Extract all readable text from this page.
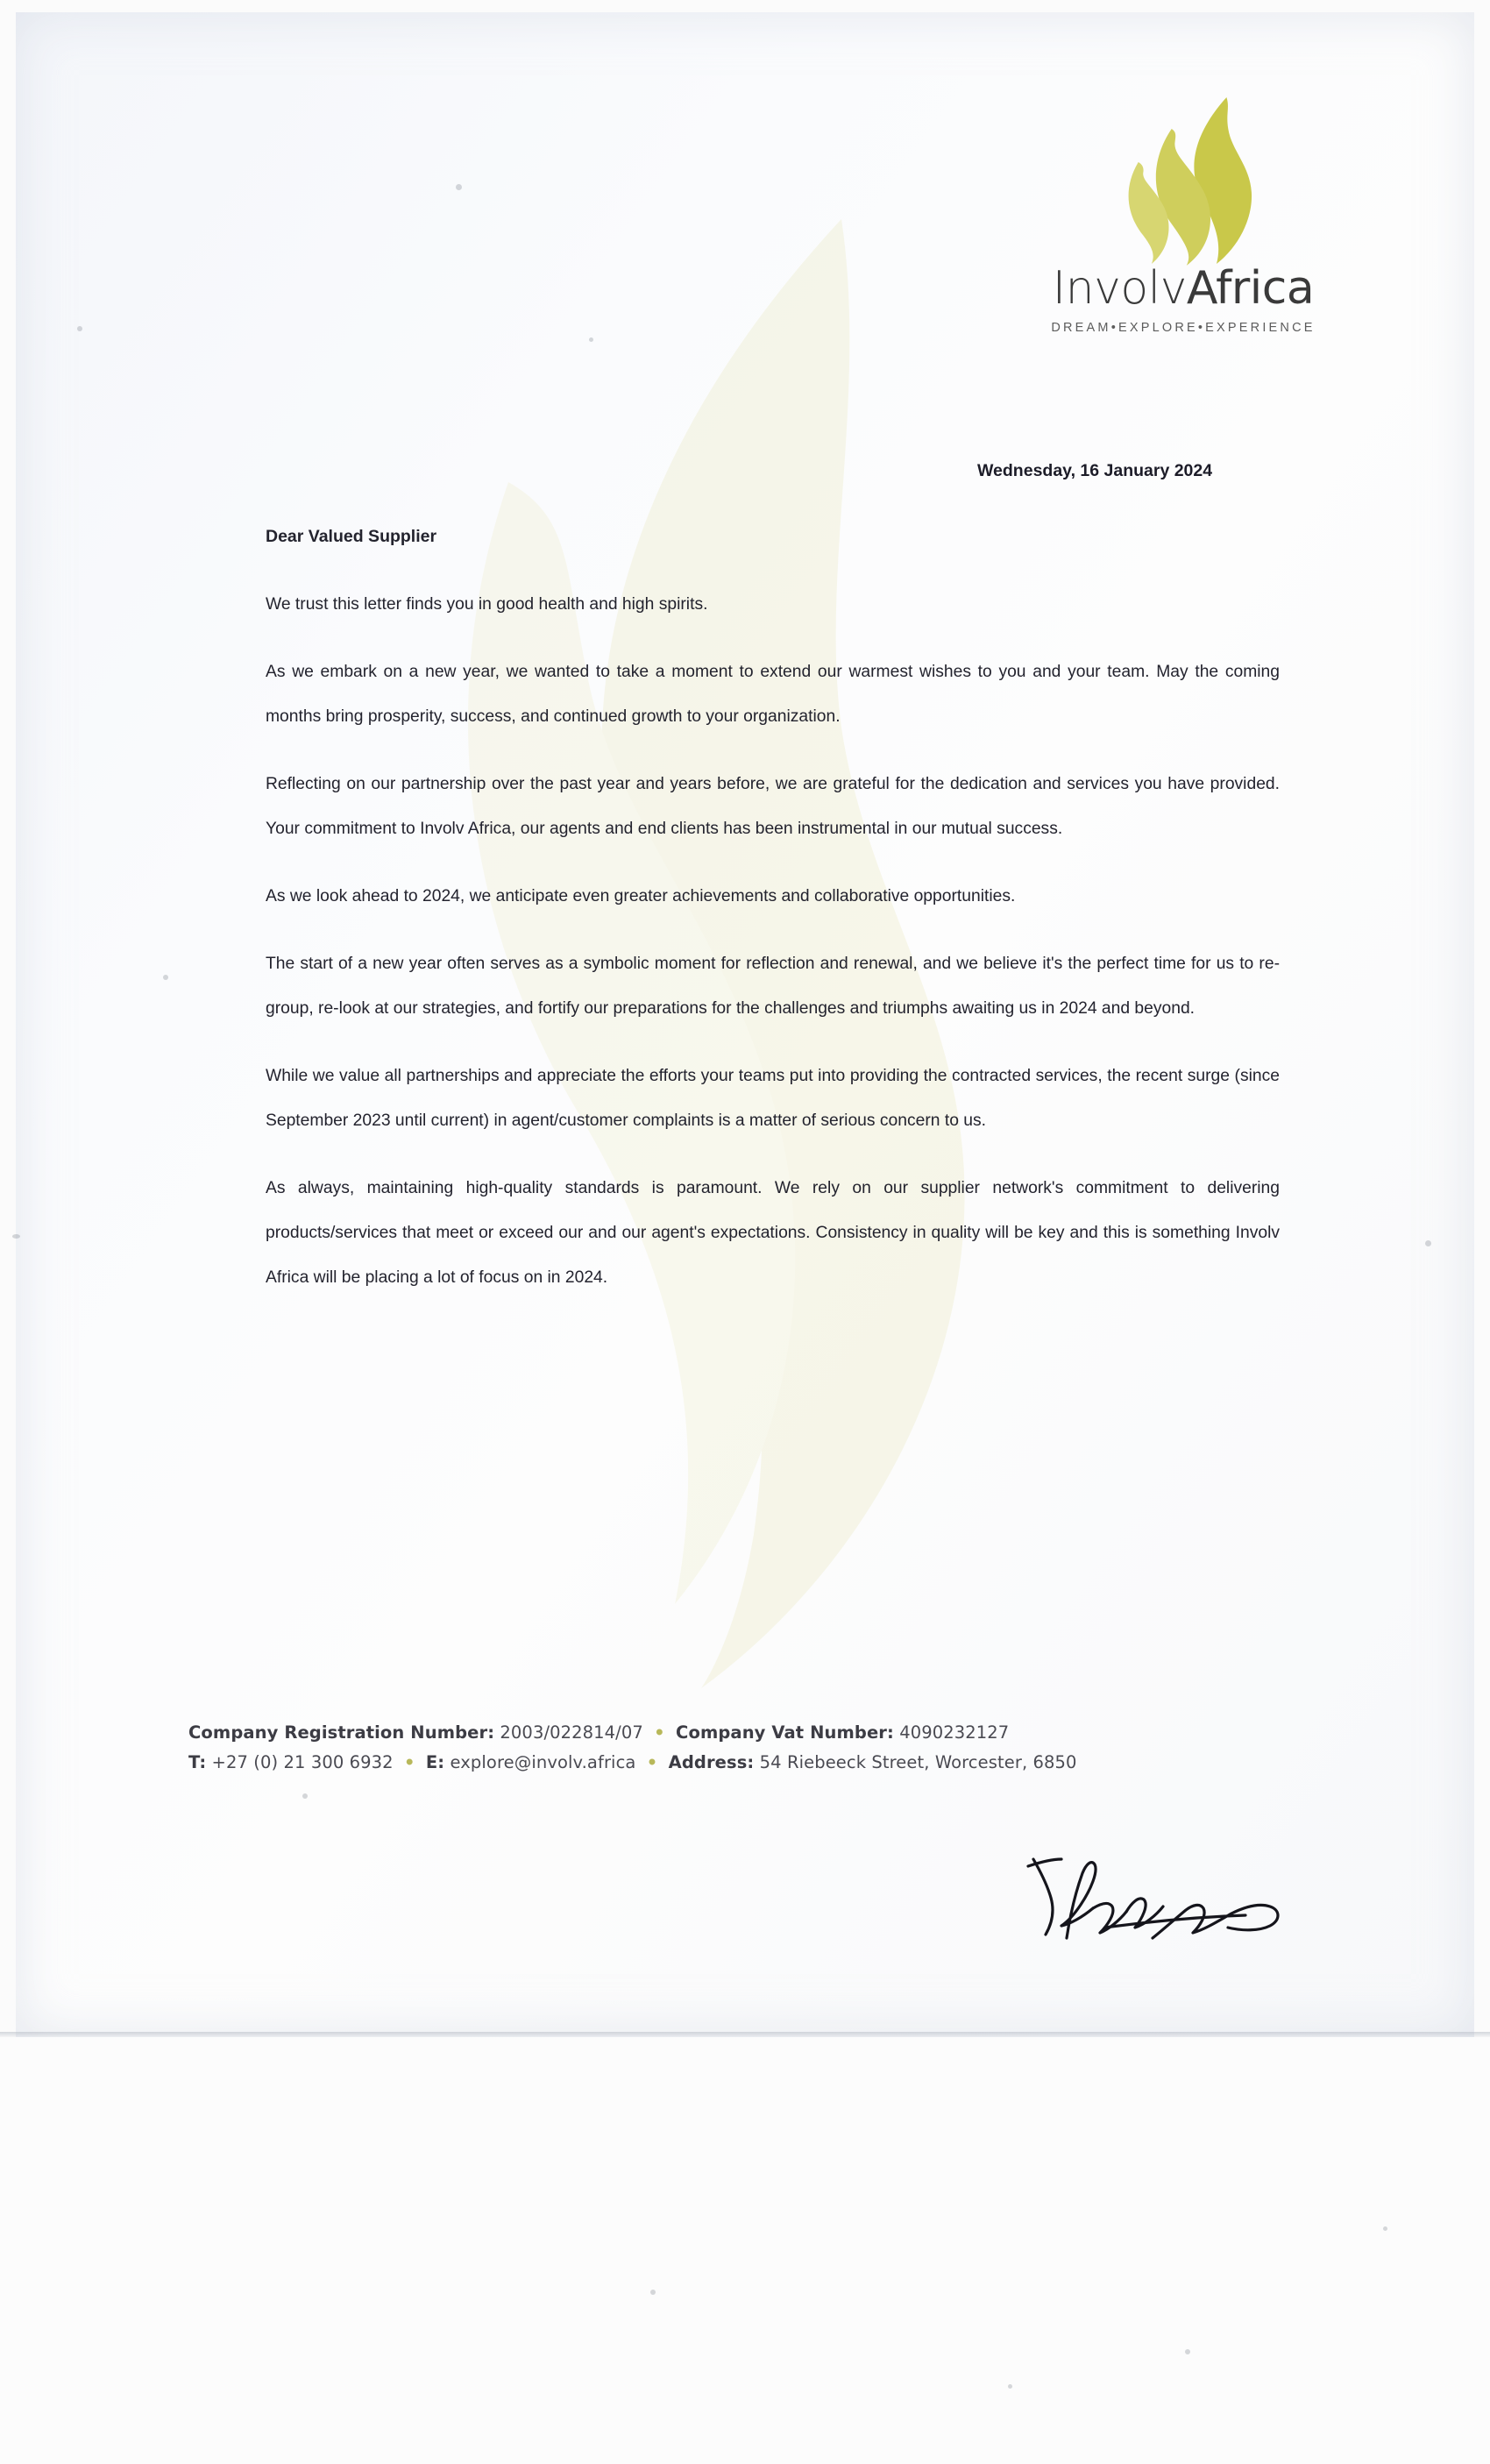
InvolvAfrica
DREAM•EXPLORE•EXPERIENCE
Wednesday, 16 January 2024

Dear Valued Supplier

We trust this letter finds you in good health and high spirits.

As we embark on a new year, we wanted to take a moment to extend our warmest wishes to you and your team. May the coming months bring prosperity, success, and continued growth to your organization.

Reflecting on our partnership over the past year and years before, we are grateful for the dedication and services you have provided. Your commitment to Involv Africa, our agents and end clients has been instrumental in our mutual success.

As we look ahead to 2024, we anticipate even greater achievements and collaborative opportunities.

The start of a new year often serves as a symbolic moment for reflection and renewal, and we believe it's the perfect time for us to re-group, re-look at our strategies, and fortify our preparations for the challenges and triumphs awaiting us in 2024 and beyond.

While we value all partnerships and appreciate the efforts your teams put into providing the contracted services, the recent surge (since September 2023 until current) in agent/customer complaints is a matter of serious concern to us.

As always, maintaining high-quality standards is paramount. We rely on our supplier network's commitment to delivering products/services that meet or exceed our and our agent's expectations. Consistency in quality will be key and this is something Involv Africa will be placing a lot of focus on in 2024.

Company Registration Number: 2003/022814/07 • Company Vat Number: 4090232127
T: +27 (0) 21 300 6932 • E: explore@involv.africa • Address: 54 Riebeeck Street, Worcester, 6850
